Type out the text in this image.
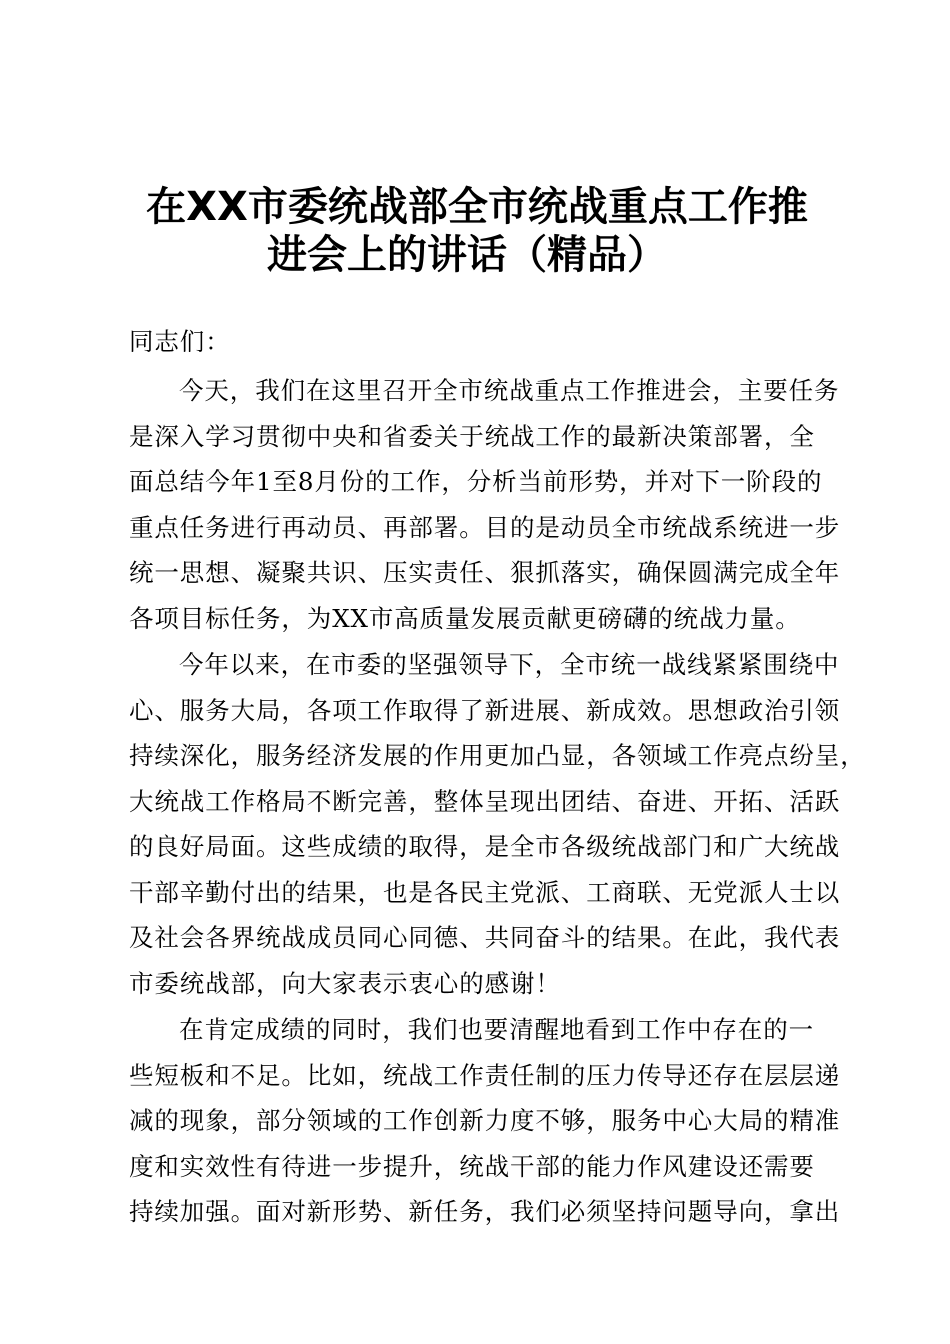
在XX市委统战部全市统战重点工作推
进会上的讲话（精品）
同志们：
今天，我们在这里召开全市统战重点工作推进会，主要任务
是深入学习贯彻中央和省委关于统战工作的最新决策部署，全
面总结今年1至8月份的工作，分析当前形势，并对下一阶段的
重点任务进行再动员、再部署。目的是动员全市统战系统进一步
统一思想、凝聚共识、压实责任、狠抓落实，确保圆满完成全年
各项目标任务，为XX市高质量发展贡献更磅礴的统战力量。
今年以来，在市委的坚强领导下，全市统一战线紧紧围绕中
心、服务大局，各项工作取得了新进展、新成效。思想政治引领
持续深化，服务经济发展的作用更加凸显，各领域工作亮点纷呈，
大统战工作格局不断完善，整体呈现出团结、奋进、开拓、活跃
的良好局面。这些成绩的取得，是全市各级统战部门和广大统战
干部辛勤付出的结果，也是各民主党派、工商联、无党派人士以
及社会各界统战成员同心同德、共同奋斗的结果。在此，我代表
市委统战部，向大家表示衷心的感谢！
在肯定成绩的同时，我们也要清醒地看到工作中存在的一
些短板和不足。比如，统战工作责任制的压力传导还存在层层递
减的现象，部分领域的工作创新力度不够，服务中心大局的精准
度和实效性有待进一步提升，统战干部的能力作风建设还需要
持续加强。面对新形势、新任务，我们必须坚持问题导向，拿出
